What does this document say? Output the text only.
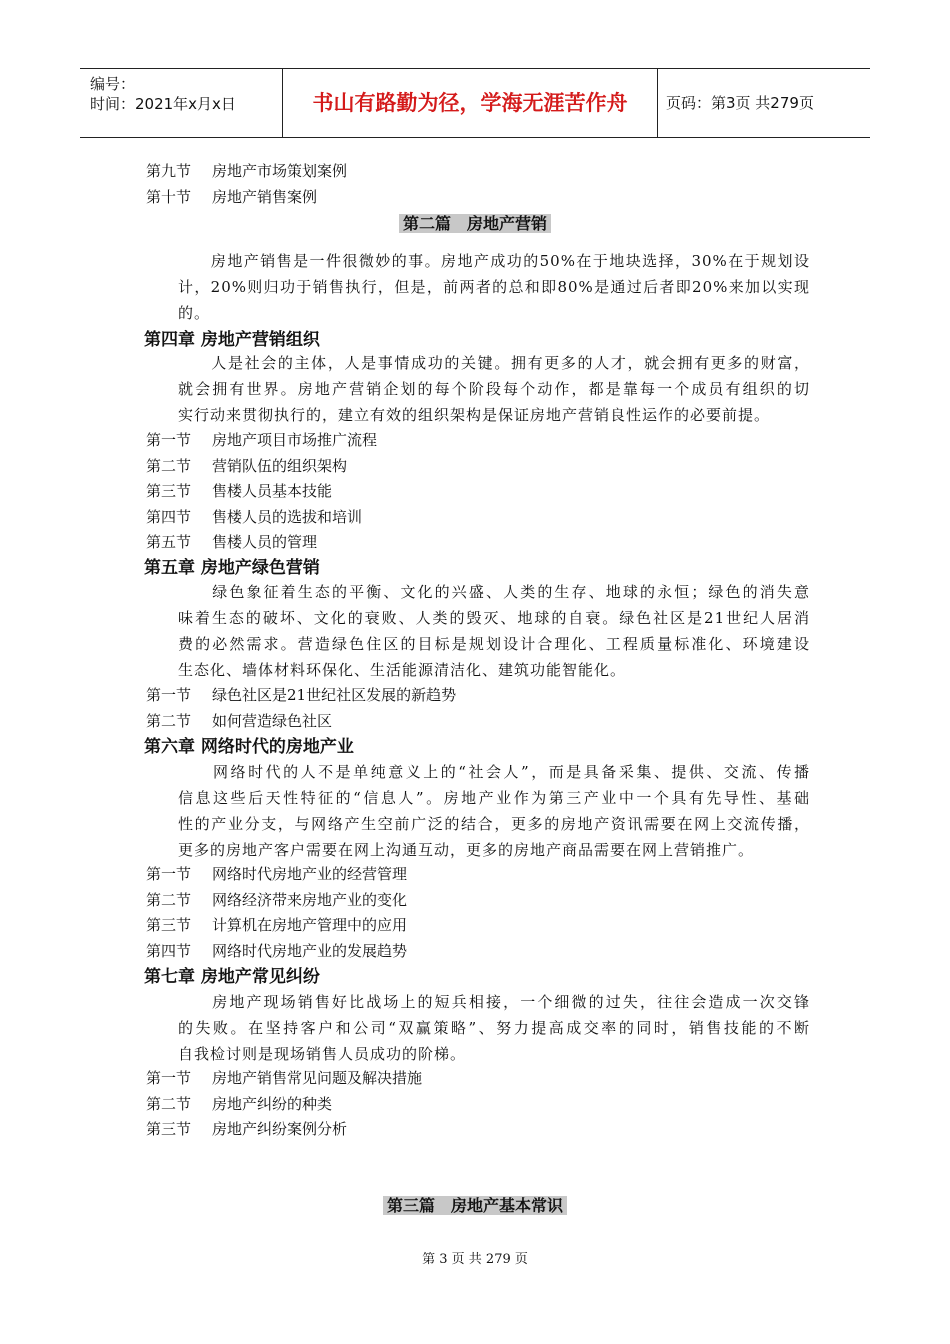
编号：
时间：2021年x月x日	书山有路勤为径，学海无涯苦作舟	页码：第3页 共279页
第九节 房地产市场策划案例
第十节 房地产销售案例
第二篇　房地产营销
　　房地产销售是一件很微妙的事。房地产成功的50%在于地块选择，30%在于规划设
计，20%则归功于销售执行，但是，前两者的总和即80%是通过后者即20%来加以实现
的。
第四章 房地产营销组织
　　人是社会的主体，人是事情成功的关键。拥有更多的人才，就会拥有更多的财富，
就会拥有世界。房地产营销企划的每个阶段每个动作，都是靠每一个成员有组织的切
实行动来贯彻执行的，建立有效的组织架构是保证房地产营销良性运作的必要前提。
第一节 房地产项目市场推广流程
第二节 营销队伍的组织架构
第三节 售楼人员基本技能
第四节 售楼人员的选拔和培训
第五节 售楼人员的管理
第五章 房地产绿色营销
　　绿色象征着生态的平衡、文化的兴盛、人类的生存、地球的永恒；绿色的消失意
味着生态的破坏、文化的衰败、人类的毁灭、地球的自衰。绿色社区是21世纪人居消
费的必然需求。营造绿色住区的目标是规划设计合理化、工程质量标准化、环境建设
生态化、墙体材料环保化、生活能源清洁化、建筑功能智能化。
第一节 绿色社区是21世纪社区发展的新趋势
第二节 如何营造绿色社区
第六章 网络时代的房地产业
　　网络时代的人不是单纯意义上的“社会人”，而是具备采集、提供、交流、传播
信息这些后天性特征的“信息人”。房地产业作为第三产业中一个具有先导性、基础
性的产业分支，与网络产生空前广泛的结合，更多的房地产资讯需要在网上交流传播，
更多的房地产客户需要在网上沟通互动，更多的房地产商品需要在网上营销推广。
第一节 网络时代房地产业的经营管理
第二节 网络经济带来房地产业的变化
第三节 计算机在房地产管理中的应用
第四节 网络时代房地产业的发展趋势
第七章 房地产常见纠纷
　　房地产现场销售好比战场上的短兵相接，一个细微的过失，往往会造成一次交锋
的失败。在坚持客户和公司“双赢策略”、努力提高成交率的同时，销售技能的不断
自我检讨则是现场销售人员成功的阶梯。
第一节 房地产销售常见问题及解决措施
第二节 房地产纠纷的种类
第三节 房地产纠纷案例分析
第三篇　房地产基本常识
第 3 页 共 279 页
